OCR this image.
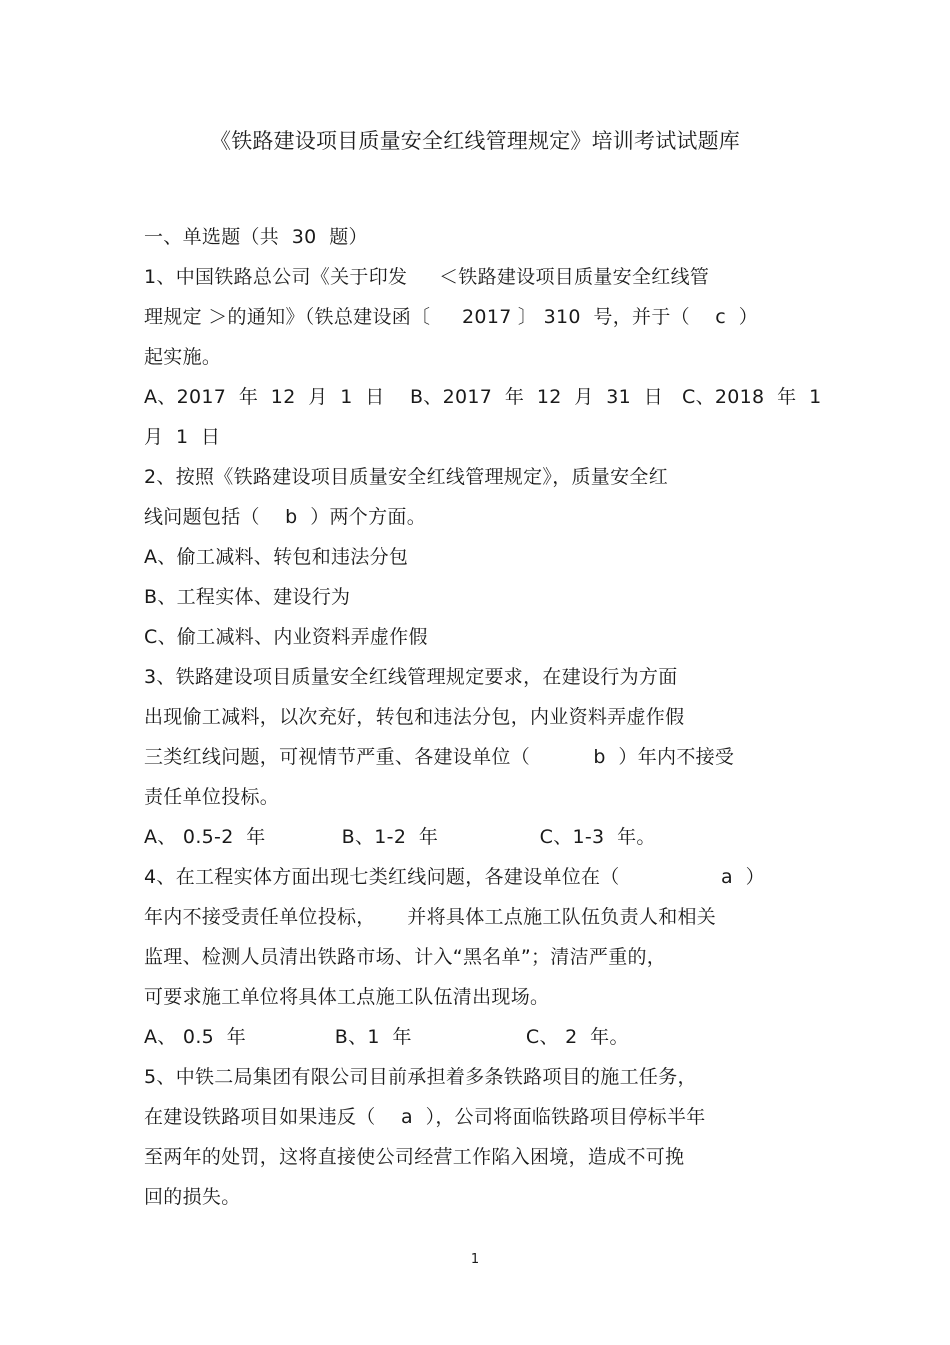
《铁路建设项目质量安全红线管理规定》培训考试试题库
一、单选题（共  30  题）
1、中国铁路总公司《关于印发     ＜铁路建设项目质量安全红线管
理规定 ＞的通知》（铁总建设函〔     2017 〕 310  号，并于（    c  ）
起实施。
A、2017  年  12  月  1  日    B、2017  年  12  月  31  日   C、2018  年  1
月  1  日
2、按照《铁路建设项目质量安全红线管理规定》，质量安全红
线问题包括（    b  ）两个方面。
A、偷工减料、转包和违法分包
B、工程实体、建设行为
C、偷工减料、内业资料弄虚作假
3、铁路建设项目质量安全红线管理规定要求，在建设行为方面
出现偷工减料，以次充好，转包和违法分包，内业资料弄虚作假
三类红线问题，可视情节严重、各建设单位（          b  ）年内不接受
责任单位投标。
A、 0.5-2  年            B、1-2  年                C、1-3  年。
4、在工程实体方面出现七类红线问题，各建设单位在（                a  ）
年内不接受责任单位投标，     并将具体工点施工队伍负责人和相关
监理、检测人员清出铁路市场、计入“黑名单”；清洁严重的，
可要求施工单位将具体工点施工队伍清出现场。
A、 0.5  年              B、1  年                  C、 2  年。
5、中铁二局集团有限公司目前承担着多条铁路项目的施工任务，
在建设铁路项目如果违反（    a  ），公司将面临铁路项目停标半年
至两年的处罚，这将直接使公司经营工作陷入困境，造成不可挽
回的损失。
1
